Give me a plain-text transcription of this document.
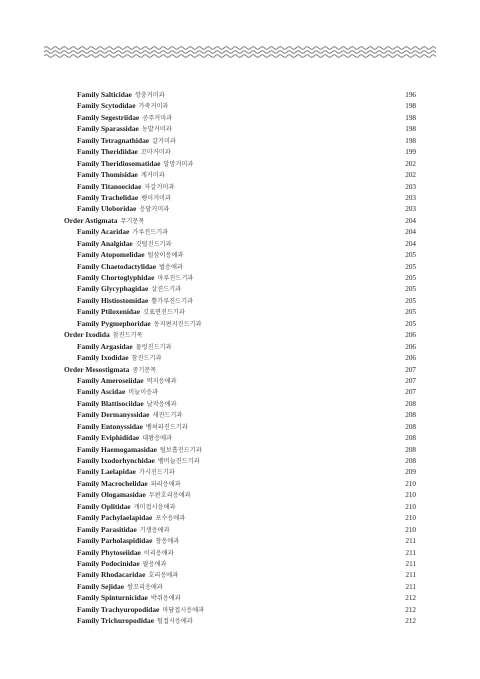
Family Salticidae 깡충거미과	196
Family Scytodidae 가죽거미과	198
Family Segestriidae 공주거미과	198
Family Sparassidae 농발거미과	198
Family Tetragnathidae 갈거미과	198
Family Theridiidae 꼬마거미과	199
Family Theridiosomatidae 알망거미과	202
Family Thomisidae 게거미과	202
Family Titanoecidae 자갈거미과	203
Family Trachelidae 팽이거미과	203
Family Uloboridae 응달거미과	203
Order Astigmata 무기문목	204
Family Acaridae 가루진드기과	204
Family Analgidae 깃털진드기과	204
Family Atopomelidae 털삼이응애과	205
Family Chaetodactylidae 벌응애과	205
Family Chortoglyphidae 마루진드기과	205
Family Glycyphagidae 살진드기과	205
Family Histiostomidae 뿔가루진드기과	205
Family Ptiloxenidae 깃표면진드기과	205
Family Pygmephoridae 동지편지진드기과	205
Order Ixodida 참진드기목	206
Family Argasidae 물렁진드기과	206
Family Ixodidae 참진드기과	206
Order Mesostigmata 중기문목	207
Family Ameroseiidae 먹지응애과	207
Family Ascidae 비늘이응과	207
Family Blattisociidae 날작응애과	208
Family Dermanyssidae 새진드기과	208
Family Entonyssidae 뱀허파진드기과	208
Family Eviphididae 대왕응애과	208
Family Haemogamasidae 털보흡진드기과	208
Family Ixodorhynchidae 뱀비늘진드기과	208
Family Laelapidae 가시진드기과	209
Family Macrochelidae 파리응애과	210
Family Ologamasidae 두판호리응애과	210
Family Oplitidae 개미접시응애과	210
Family Pachylaelapidae 포수응애과	210
Family Parasitidae 기생응애과	210
Family Parholaspididae 창응애과	211
Family Phytoseiidae 이리응애과	211
Family Podocinidae 팔응애과	211
Family Rhodacaridae 호리응애과	211
Family Sejidae 쌍꼬리응애과	211
Family Spinturnicidae 박쥐응애과	212
Family Trachyuropodidae 마담접시응애과	212
Family Trichuropodidae 털접시응애과	212
